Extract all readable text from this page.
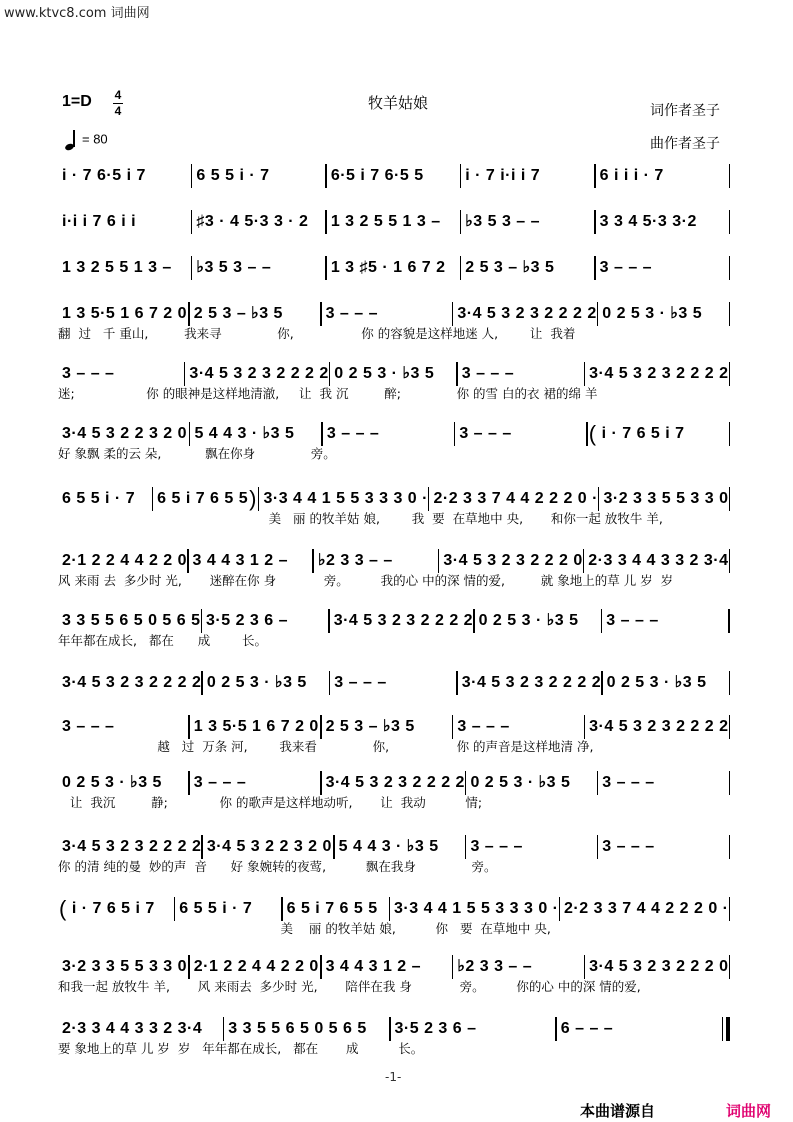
www.ktvc8.com 词曲网
1=D 4
4	牧羊姑娘	词作者圣子
曲作者圣子
= 80
i · 7 6·5 i 7	6 5 5 i · 7	6·5 i 7 6·5 5	i · 7 i·i i 7	6 i i i · 7
i·i i 7 6 i i	♯3 · 4 5·3 3 · 2	1 3 2 5 5 1 3 –	♭3 5 3 – –	3 3 4 5·3 3·2
1 3 2 5 5 1 3 –	♭3 5 3 – –	1 3 ♯5 · 1 6 7 2	2 5 3 – ♭3 5	3 – – –
1 3 5·5 1 6 7 2 0 2 5 3 – ♭3 5	3 – – –	3·4 5 3 2 3 2 2 2 2 0 2 5 3 · ♭3 5
翻  过   千 重山,         我来寻              你,                 你 的容貌是这样地迷 人,        让  我着
3 – – –	3·4 5 3 2 3 2 2 2 2 0 2 5 3 · ♭3 5	3 – – –	3·4 5 3 2 3 2 2 2 2
迷;                  你 的眼神是这样地清澈,     让  我 沉         醉;              你 的雪 白的衣 裙的绵 羊
3·4 5 3 2 2 3 2 0 5 4 4 3 · ♭3 5	3 – – –	3 – – –	( i · 7 6 5 i 7
好 象飘 柔的云 朵,           飘在你身              旁。
6 5 5 i · 7	6 5 i 7 6 5 5 ) 3·3 4 4 1 5 5 3 3 3 0 · 2·2 3 3 7 4 4 2 2 2 0 · 3·2 3 3 5 5 3 3 0
美   丽 的牧羊姑 娘,        我  要  在草地中 央,       和你一起 放牧牛 羊,
2·1 2 2 4 4 2 2 0 3 4 4 3 1 2 –	♭2 3 3 – –	3·4 5 3 2 3 2 2 2 0 2·3 3 4 4 3 3 2 3·4
风 来雨 去  多少时 光,       迷醉在你 身            旁。        我的心 中的深 情的爱,         就 象地上的草 儿 岁  岁
3 3 5 5 6 5 0 5 6 5 3·5 2 3 6 –	3·4 5 3 2 3 2 2 2 2 0 2 5 3 · ♭3 5	3 – – –
年年都在成长,   都在      成        长。
3·4 5 3 2 3 2 2 2 2 0 2 5 3 · ♭3 5	3 – – –	3·4 5 3 2 3 2 2 2 2 0 2 5 3 · ♭3 5
3 – – –	1 3 5·5 1 6 7 2 0 2 5 3 – ♭3 5	3 – – –	3·4 5 3 2 3 2 2 2 2
越   过  万条 河,        我来看              你,                 你 的声音是这样地清 净,
0 2 5 3 · ♭3 5	3 – – –	3·4 5 3 2 3 2 2 2 2 0 2 5 3 · ♭3 5	3 – – –
让  我沉         静;             你 的歌声是这样地动听,       让  我动          情;
3·4 5 3 2 3 2 2 2 2 3·4 5 3 2 2 3 2 0 5 4 4 3 · ♭3 5	3 – – –	3 – – –
你 的清 纯的曼  妙的声  音      好 象婉转的夜莺,          飘在我身              旁。
( i · 7 6 5 i 7	6 5 5 i · 7	6 5 i 7 6 5 5	3·3 4 4 1 5 5 3 3 3 0 · 2·2 3 3 7 4 4 2 2 2 0 ·
美    丽 的牧羊姑 娘,          你   要  在草地中 央,
3·2 3 3 5 5 3 3 0 2·1 2 2 4 4 2 2 0 3 4 4 3 1 2 –	♭2 3 3 – –	3·4 5 3 2 3 2 2 2 0
和我一起 放牧牛 羊,       风 来雨去  多少时 光,       陪伴在我 身            旁。        你的心 中的深 情的爱,
2·3 3 4 4 3 3 2 3·4	3 3 5 5 6 5 0 5 6 5	3·5 2 3 6 –	6 – – –
要 象地上的草 儿 岁  岁   年年都在成长,   都在       成          长。
-1-
本曲谱源自	词曲网
